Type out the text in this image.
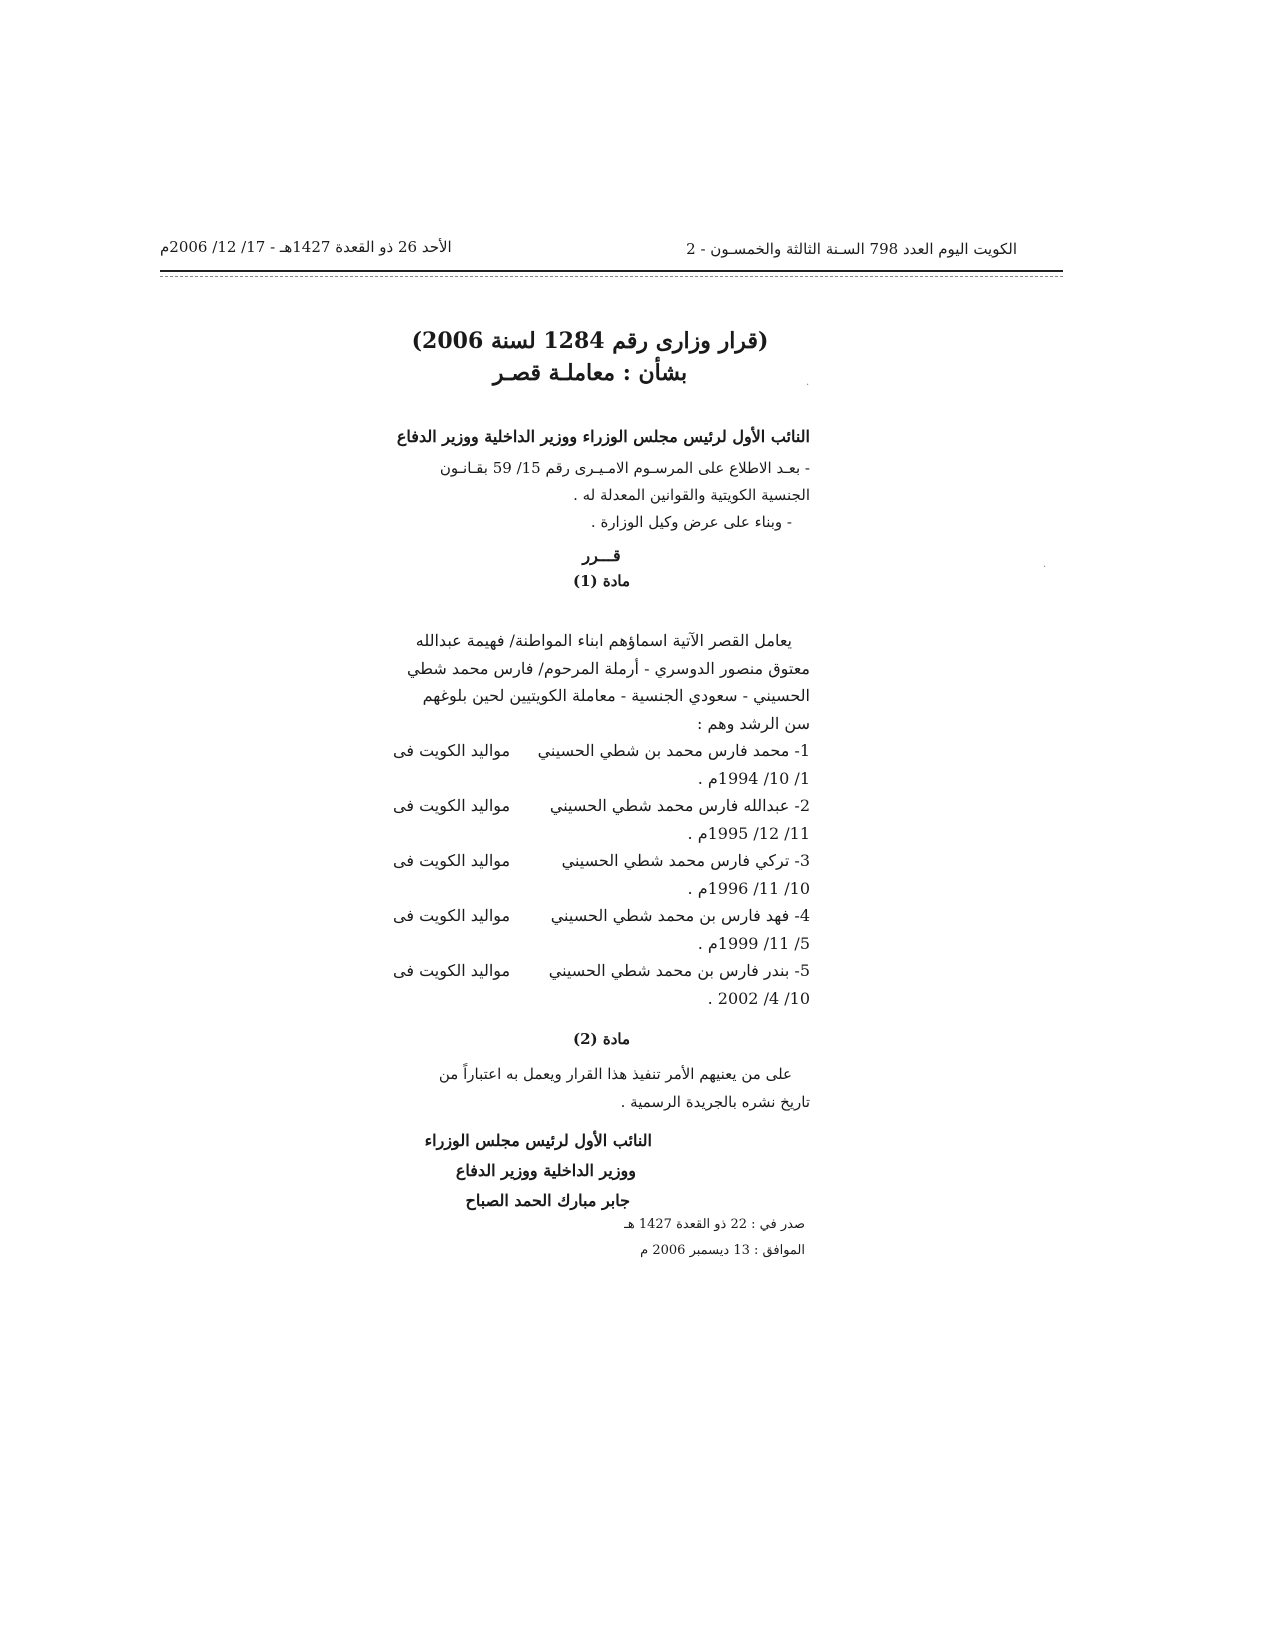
الكويت اليوم العدد 798 السـنة الثالثة والخمسـون - 2
الأحد 26 ذو القعدة 1427هـ - 17/ 12/ 2006م
(قرار وزارى رقم 1284 لسنة 2006)
بشأن : معاملـة قصـر
النائب الأول لرئيس مجلس الوزراء ووزير الداخلية ووزير الدفاع
- بعـد الاطلاع على المرسـوم الامـيـرى رقم 15/ 59 بقـانـون
الجنسية الكويتية والقوانين المعدلة له .
- وبناء على عرض وكيل الوزارة .
قـــرر
مادة (1)
يعامل القصر الآتية اسماؤهم ابناء المواطنة/ فهيمة عبدالله
معتوق منصور الدوسري - أرملة المرحوم/ فارس محمد شطي
الحسيني - سعودي الجنسية - معاملة الكويتيين لحين بلوغهم
سن الرشد وهم :
1- محمد فارس محمد بن شطي الحسيني
مواليد الكويت فى
1/ 10/ 1994م .
2- عبدالله فارس محمد شطي الحسيني
مواليد الكويت فى
11/ 12/ 1995م .
3- تركي فارس محمد شطي الحسيني
مواليد الكويت فى
10/ 11/ 1996م .
4- فهد فارس بن محمد شطي الحسيني
مواليد الكويت فى
5/ 11/ 1999م .
5- بندر فارس بن محمد شطي الحسيني
مواليد الكويت فى
10/ 4/ 2002 .
مادة (2)
على من يعنيهم الأمر تنفيذ هذا القرار ويعمل به اعتباراً من
تاريخ نشره بالجريدة الرسمية .
النائب الأول لرئيس مجلس الوزراء
ووزير الداخلية ووزير الدفاع
جابر مبارك الحمد الصباح
صدر في : 22 ذو القعدة 1427 هـ
الموافق : 13 ديسمبر 2006 م
·
·
